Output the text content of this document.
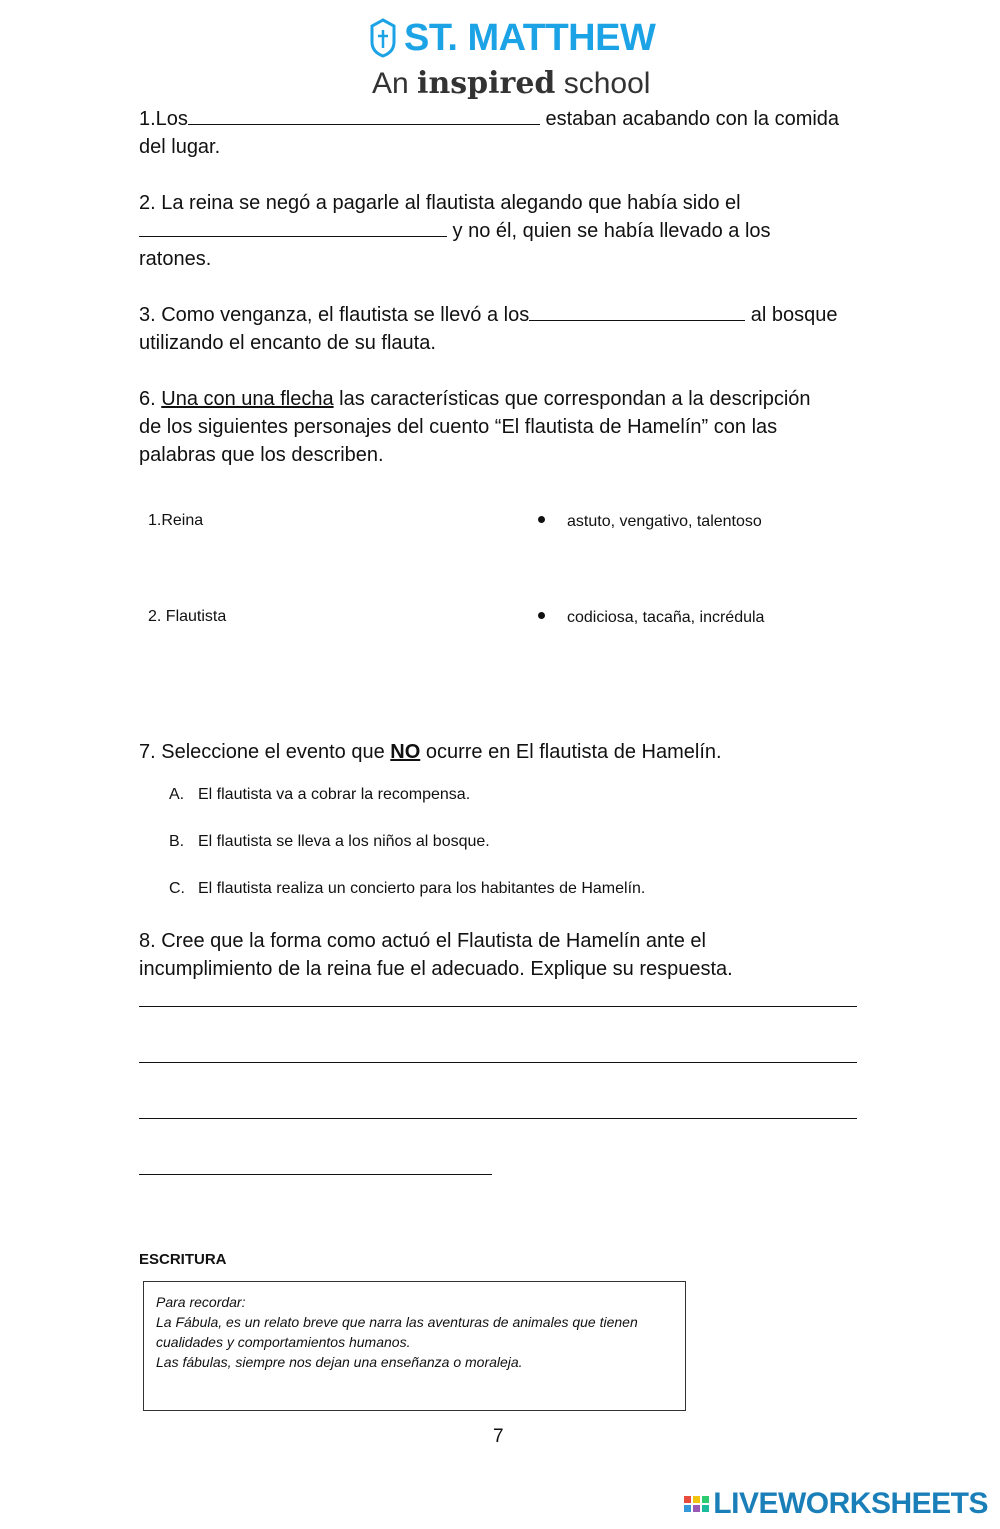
ST. MATTHEW
An inspired school
1.Los	estaban acabando con la comida
del lugar.
2. La reina se negó a pagarle al flautista alegando que había sido el
y no él, quien se había llevado a los
ratones.
3. Como venganza, el flautista se llevó a los	al bosque
utilizando el encanto de su flauta.
6. Una con una flecha las características que correspondan a la descripción
de los siguientes personajes del cuento “El flautista de Hamelín” con las
palabras que los describen.
1.Reina
2. Flautista
astuto, vengativo, talentoso
codiciosa, tacaña, incrédula
7. Seleccione el evento que NO ocurre en El flautista de Hamelín.
A. El flautista va a cobrar la recompensa.
B. El flautista se lleva a los niños al bosque.
C. El flautista realiza un concierto para los habitantes de Hamelín.
8. Cree que la forma como actuó el Flautista de Hamelín ante el
incumplimiento de la reina fue el adecuado. Explique su respuesta.
ESCRITURA
Para recordar:
La Fábula, es un relato breve que narra las aventuras de animales que tienen
cualidades y comportamientos humanos.
Las fábulas, siempre nos dejan una enseñanza o moraleja.
7
LIVEWORKSHEETS
